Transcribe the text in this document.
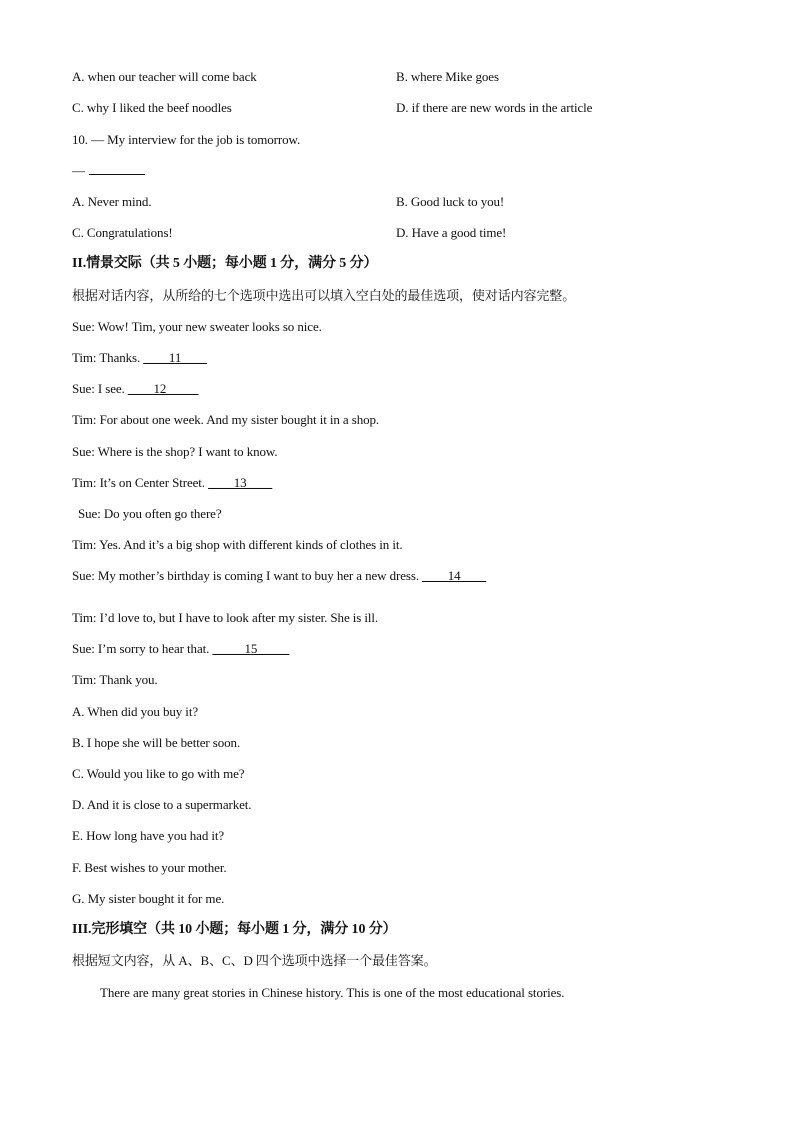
A. when our teacher will come back	B. where Mike goes
C. why I liked the beef noodles	D. if there are new words in the article
10. — My interview for the job is tomorrow.
—
A. Never mind.	B. Good luck to you!
C. Congratulations!	D. Have a good time!
II.情景交际（共 5 小题；每小题 1 分，满分 5 分）
根据对话内容，从所给的七个选项中选出可以填入空白处的最佳选项，使对话内容完整。
Sue: Wow! Tim, your new sweater looks so nice.
Tim: Thanks. ____11____
Sue: I see. ____12_____
Tim: For about one week. And my sister bought it in a shop.
Sue: Where is the shop? I want to know.
Tim: It’s on Center Street. ____13____
Sue: Do you often go there?
Tim: Yes. And it’s a big shop with different kinds of clothes in it.
Sue: My mother’s birthday is coming I want to buy her a new dress. ____14____
Tim: I’d love to, but I have to look after my sister. She is ill.
Sue: I’m sorry to hear that. _____15_____
Tim: Thank you.
A. When did you buy it?
B. I hope she will be better soon.
C. Would you like to go with me?
D. And it is close to a supermarket.
E. How long have you had it?
F. Best wishes to your mother.
G. My sister bought it for me.
III.完形填空（共 10 小题；每小题 1 分，满分 10 分）
根据短文内容，从 A、B、C、D 四个选项中选择一个最佳答案。
There are many great stories in Chinese history. This is one of the most educational stories.
